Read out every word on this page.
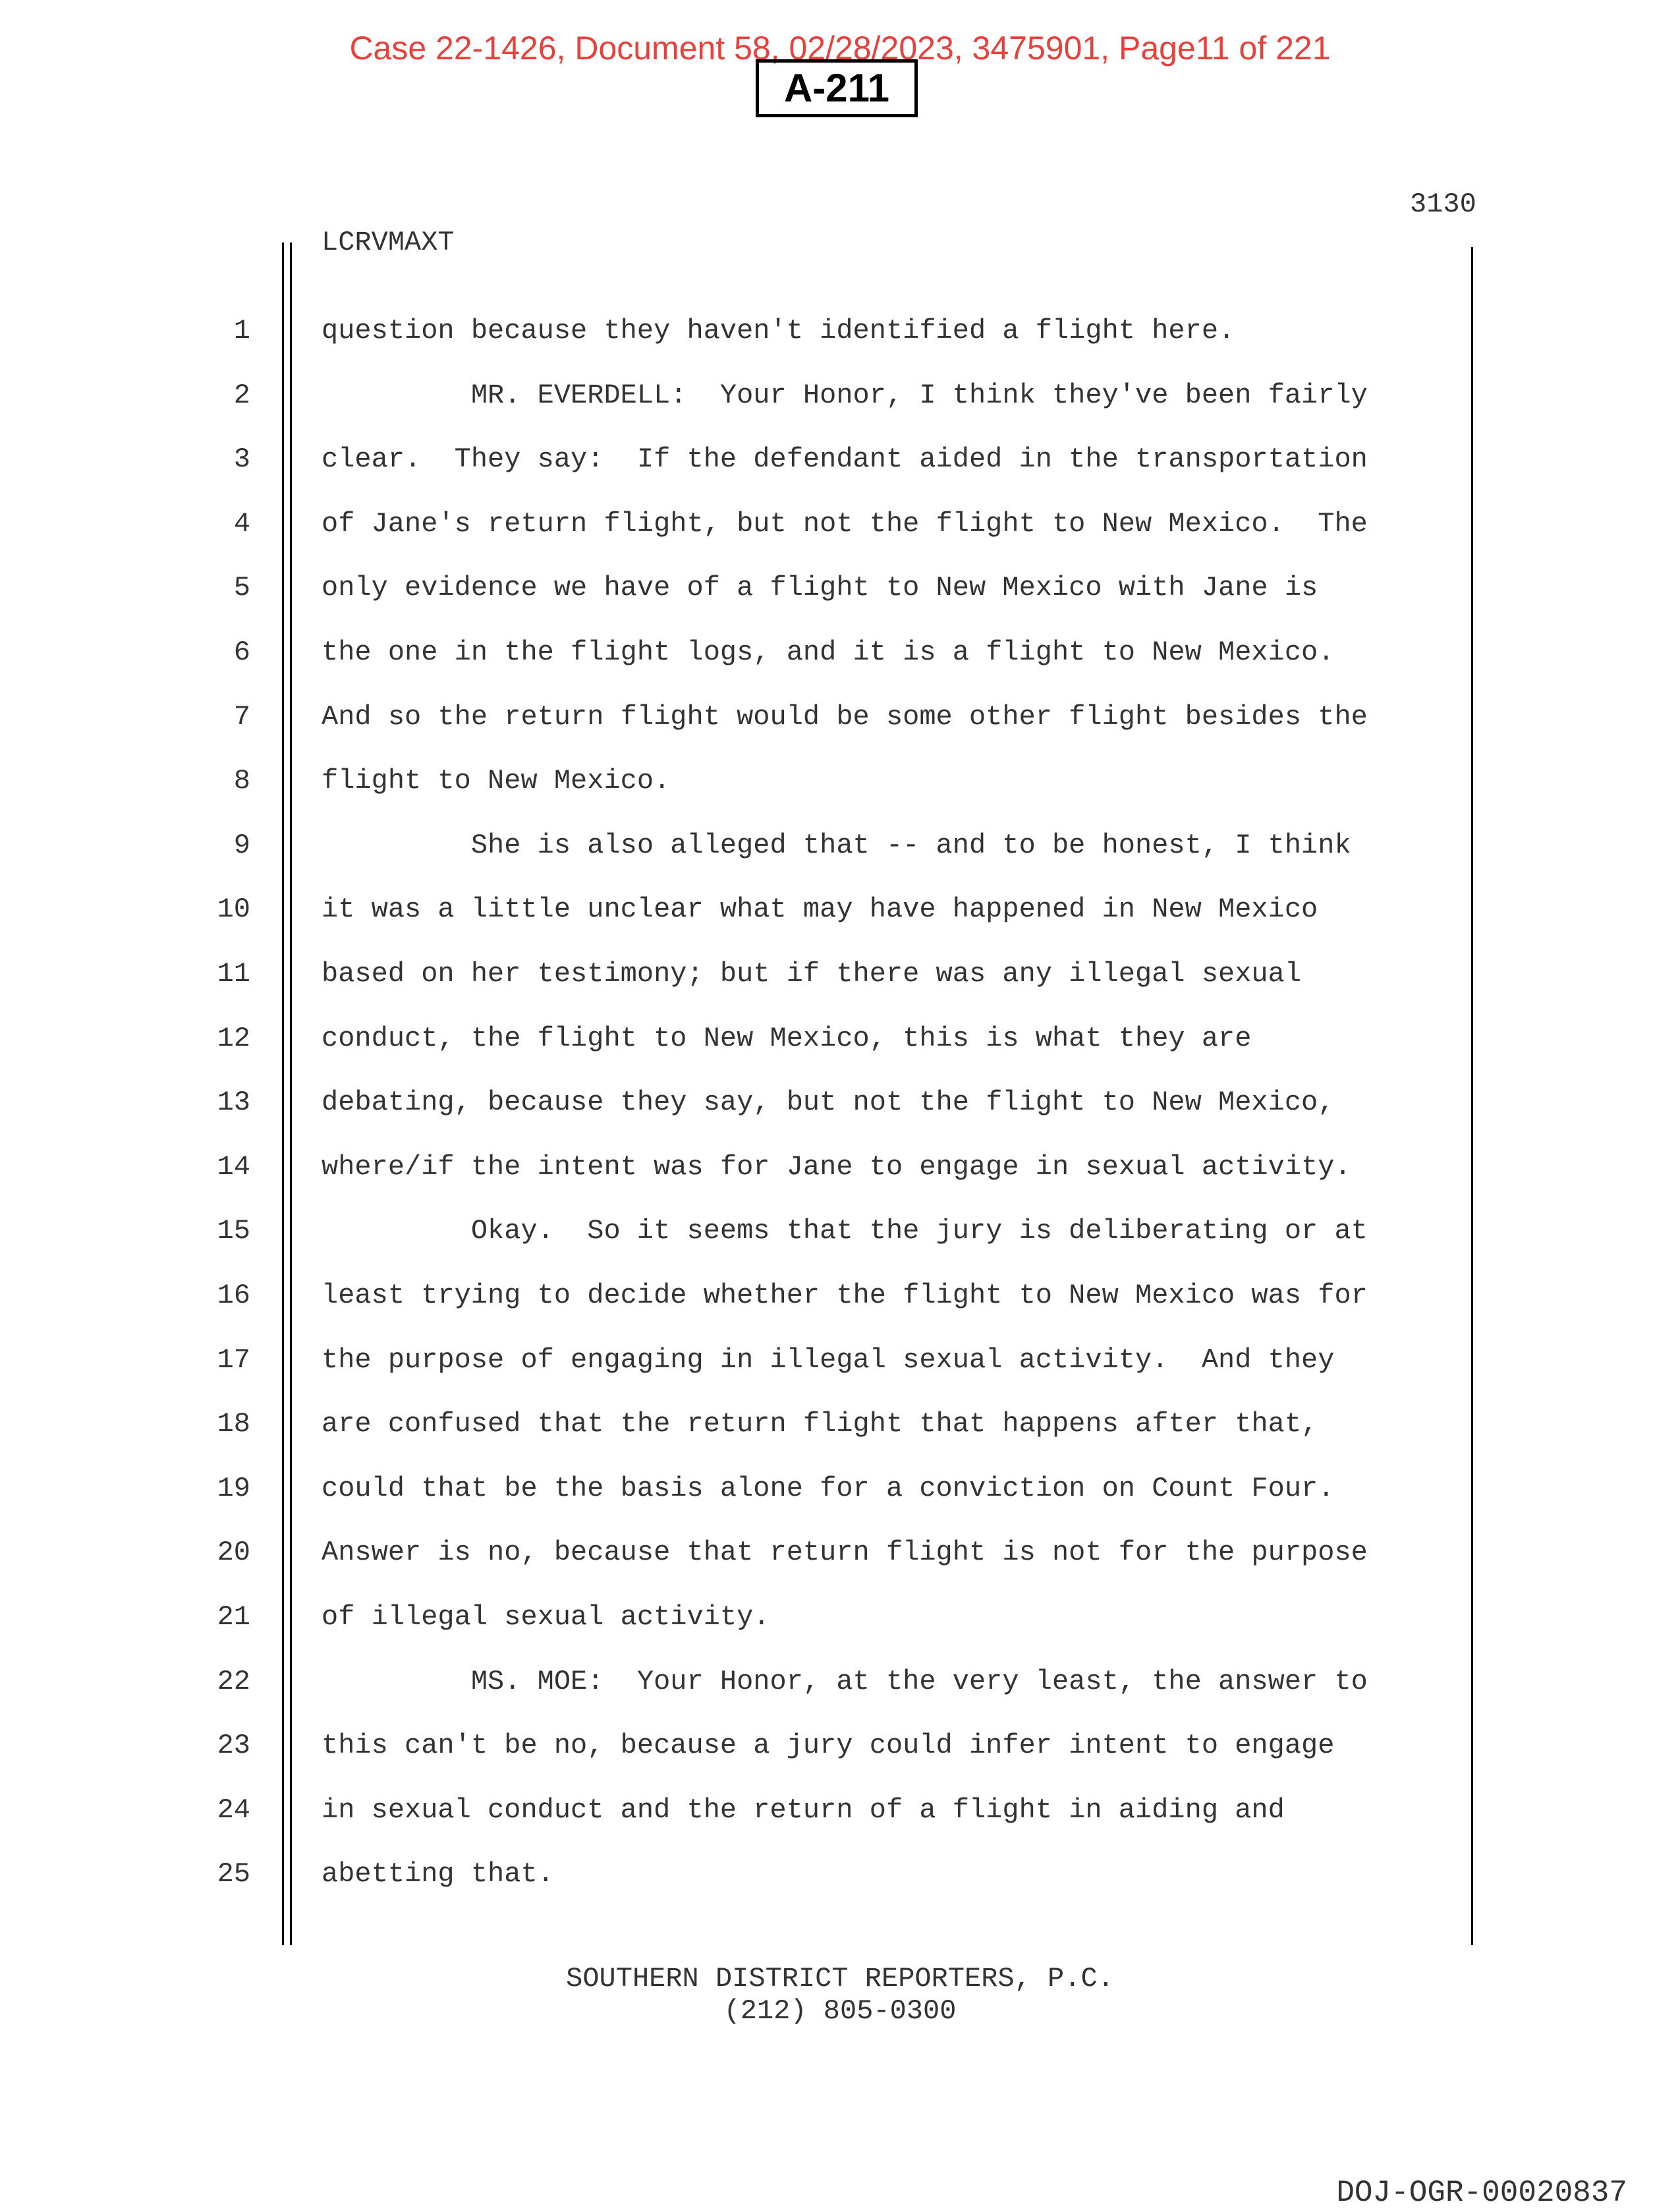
Case 22-1426, Document 58, 02/28/2023, 3475901, Page11 of 221
A-211
3130
LCRVMAXT
1	question because they haven't identified a flight here.
2	MR. EVERDELL:  Your Honor, I think they've been fairly
3	clear.  They say:  If the defendant aided in the transportation
4	of Jane's return flight, but not the flight to New Mexico.  The
5	only evidence we have of a flight to New Mexico with Jane is
6	the one in the flight logs, and it is a flight to New Mexico.
7	And so the return flight would be some other flight besides the
8	flight to New Mexico.
9	She is also alleged that -- and to be honest, I think
10	it was a little unclear what may have happened in New Mexico
11	based on her testimony; but if there was any illegal sexual
12	conduct, the flight to New Mexico, this is what they are
13	debating, because they say, but not the flight to New Mexico,
14	where/if the intent was for Jane to engage in sexual activity.
15	Okay.  So it seems that the jury is deliberating or at
16	least trying to decide whether the flight to New Mexico was for
17	the purpose of engaging in illegal sexual activity.  And they
18	are confused that the return flight that happens after that,
19	could that be the basis alone for a conviction on Count Four.
20	Answer is no, because that return flight is not for the purpose
21	of illegal sexual activity.
22	MS. MOE:  Your Honor, at the very least, the answer to
23	this can't be no, because a jury could infer intent to engage
24	in sexual conduct and the return of a flight in aiding and
25	abetting that.
SOUTHERN DISTRICT REPORTERS, P.C.
(212) 805-0300
DOJ-OGR-00020837
